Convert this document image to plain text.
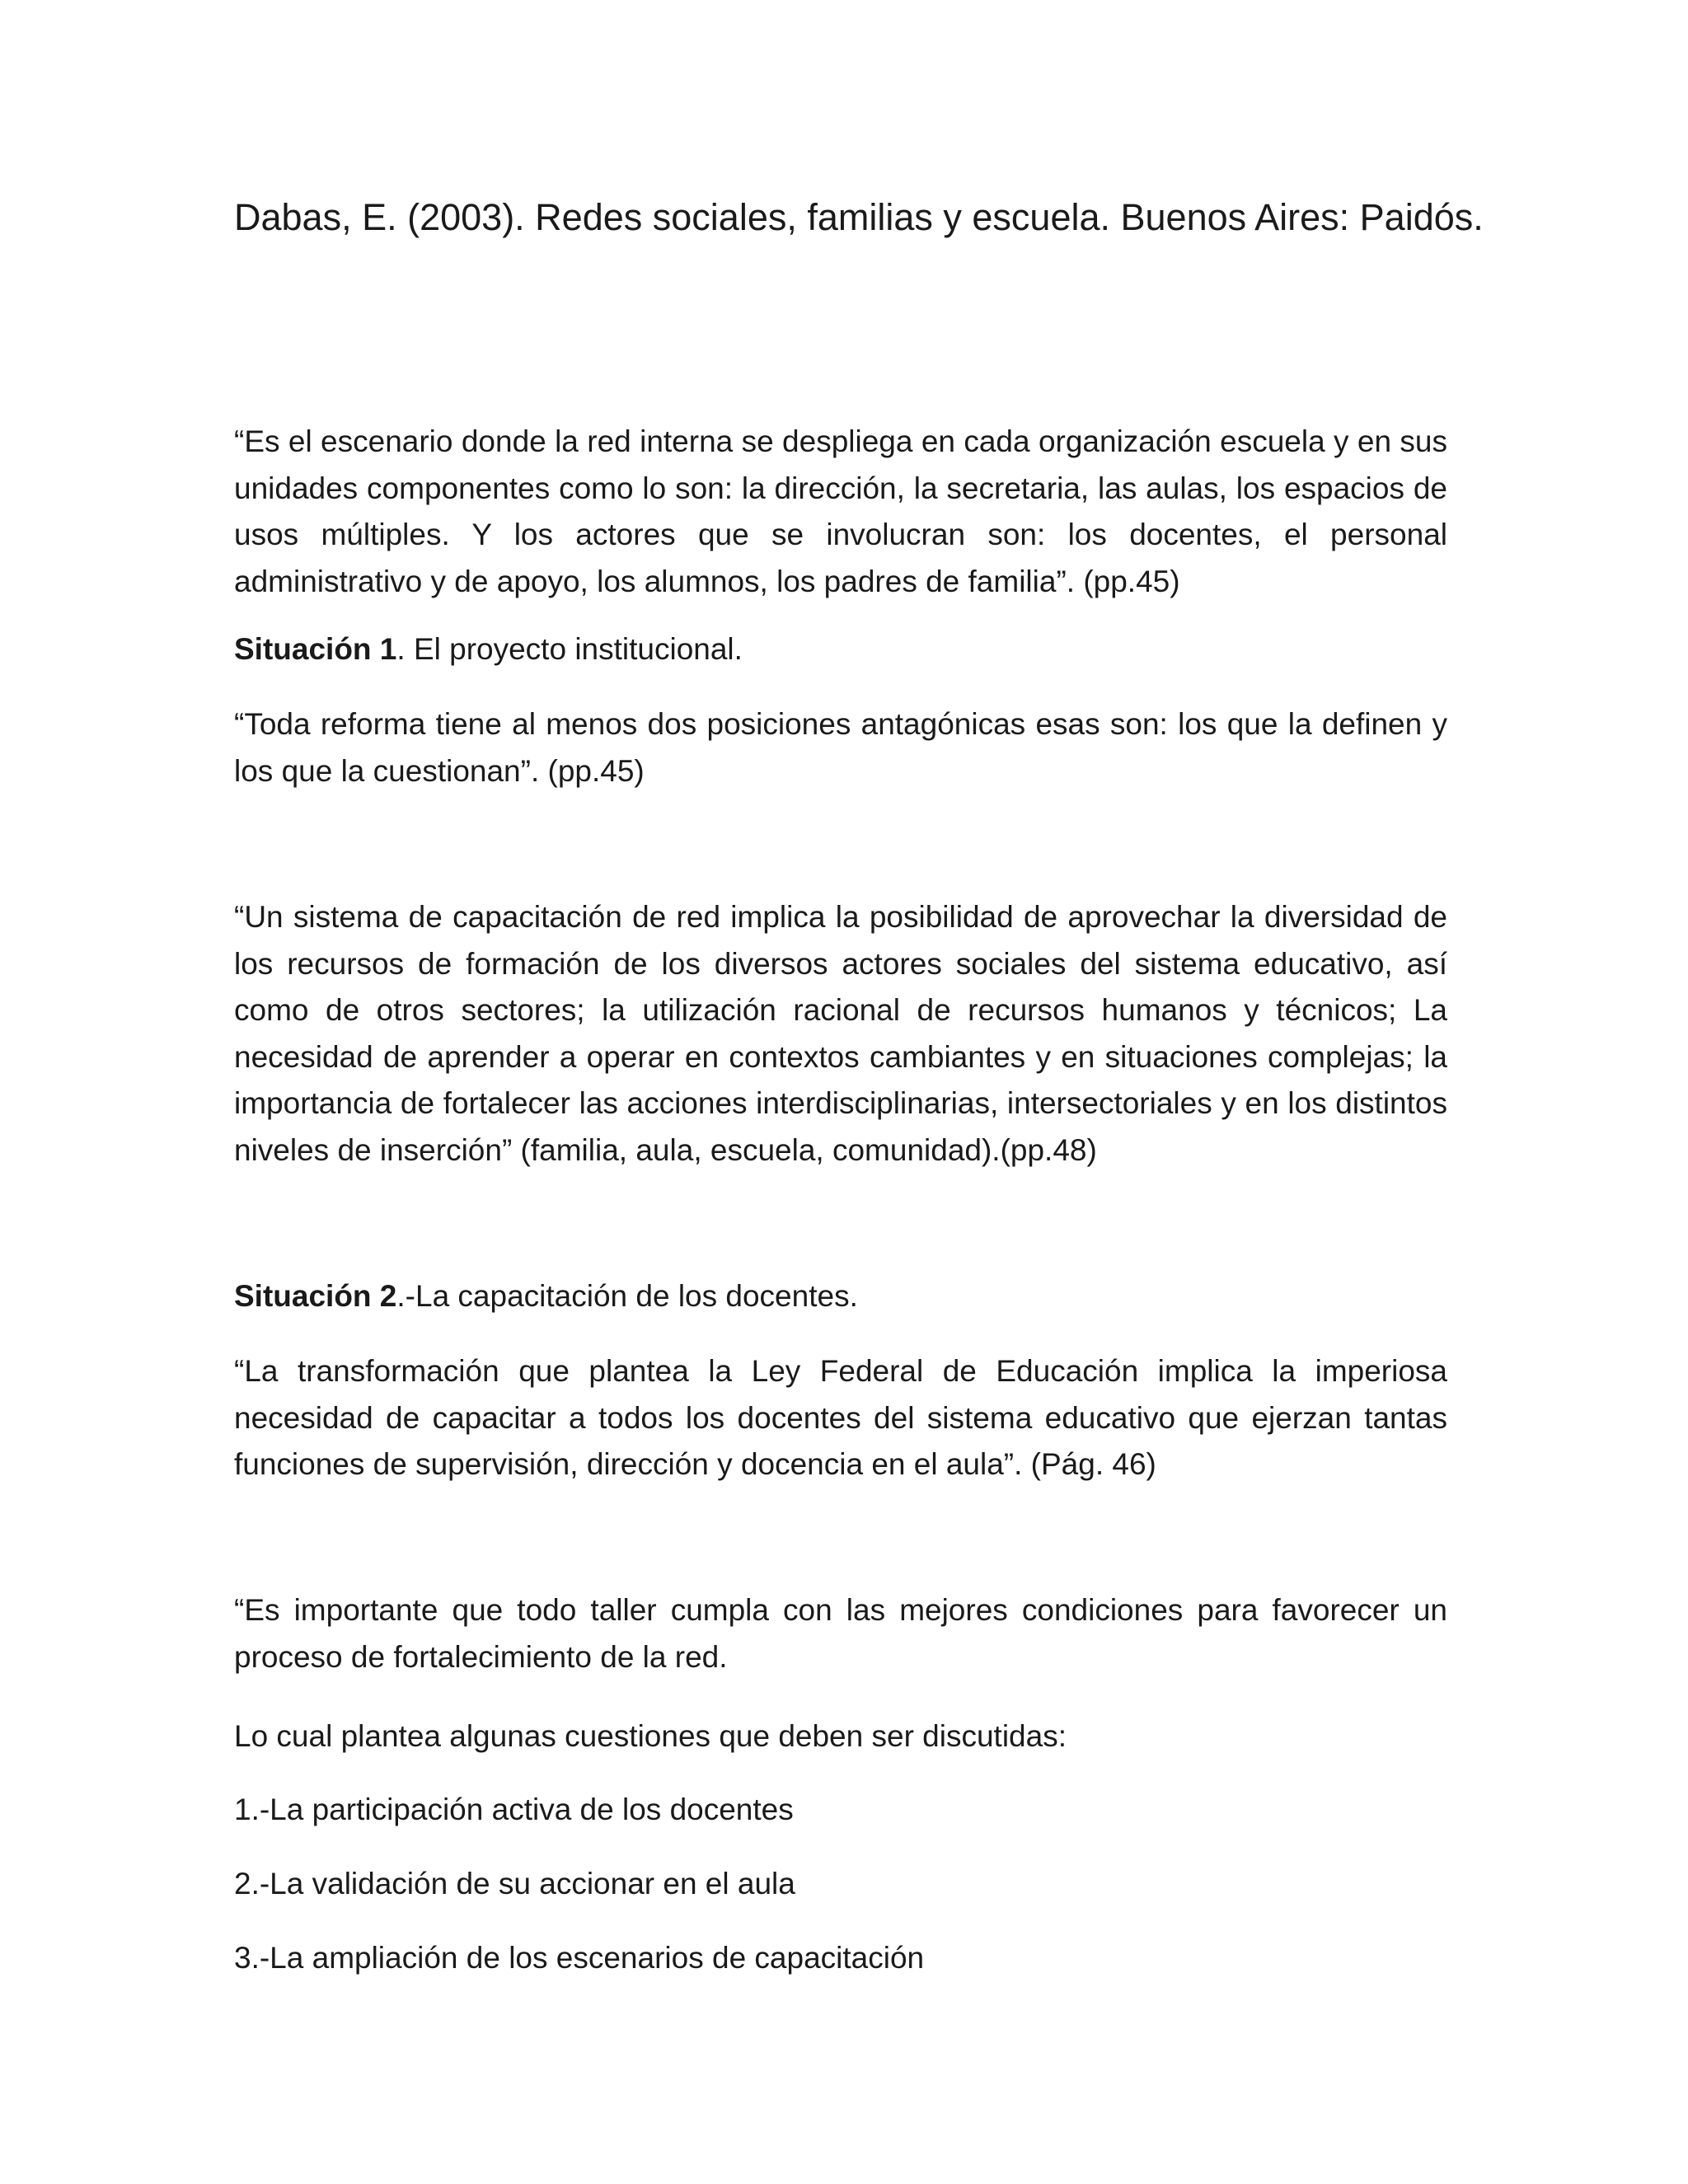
Dabas, E. (2003). Redes sociales, familias y escuela. Buenos Aires: Paidós.

“Es el escenario donde la red interna se despliega en cada organización escuela y en sus unidades componentes como lo son: la dirección, la secretaria, las aulas, los espacios de usos múltiples. Y los actores que se involucran son: los docentes, el personal administrativo y de apoyo, los alumnos, los padres de familia”. (pp.45)

Situación 1. El proyecto institucional.

“Toda reforma tiene al menos dos posiciones antagónicas esas son: los que la definen y los que la cuestionan”. (pp.45)

“Un sistema de capacitación de red implica la posibilidad de aprovechar la diversidad de los recursos de formación de los diversos actores sociales del sistema educativo, así como de otros sectores; la utilización racional de recursos humanos y técnicos; La necesidad de aprender a operar en contextos cambiantes y en situaciones complejas; la importancia de fortalecer las acciones interdisciplinarias, intersectoriales y en los distintos niveles de inserción” (familia, aula, escuela, comunidad).(pp.48)

Situación 2.-La capacitación de los docentes.

“La transformación que plantea la Ley Federal de Educación implica la imperiosa necesidad de capacitar a todos los docentes del sistema educativo que ejerzan tantas funciones de supervisión, dirección y docencia en el aula”. (Pág. 46)

“Es importante que todo taller cumpla con las mejores condiciones para favorecer un proceso de fortalecimiento de la red.

Lo cual plantea algunas cuestiones que deben ser discutidas:

1.-La participación activa de los docentes

2.-La validación de su accionar en el aula

3.-La ampliación de los escenarios de capacitación
